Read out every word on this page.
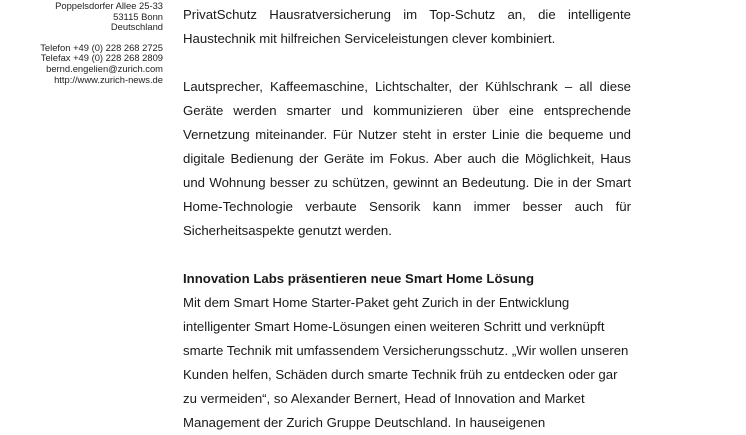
Poppelsdorfer Allee 25-33
53115 Bonn
Deutschland
Telefon +49 (0) 228 268 2725
Telefax +49 (0) 228 268 2809
bernd.engelien@zurich.com
http://www.zurich-news.de

PrivatSchutz Hausratversicherung im Top-Schutz an, die intelligente Haustechnik mit hilfreichen Serviceleistungen clever kombiniert.

Lautsprecher, Kaffeemaschine, Lichtschalter, der Kühlschrank – all diese Geräte werden smarter und kommunizieren über eine entsprechende Vernetzung miteinander. Für Nutzer steht in erster Linie die bequeme und digitale Bedienung der Geräte im Fokus. Aber auch die Möglichkeit, Haus und Wohnung besser zu schützen, gewinnt an Bedeutung. Die in der Smart Home-Technologie verbaute Sensorik kann immer besser auch für Sicherheitsaspekte genutzt werden.

Innovation Labs präsentieren neue Smart Home Lösung

Mit dem Smart Home Starter-Paket geht Zurich in der Entwicklung intelligenter Smart Home-Lösungen einen weiteren Schritt und verknüpft smarte Technik mit umfassendem Versicherungsschutz. „Wir wollen unseren Kunden helfen, Schäden durch smarte Technik früh zu entdecken oder gar zu vermeiden“, so Alexander Bernert, Head of Innovation and Market Management der Zurich Gruppe Deutschland. In hauseigenen
